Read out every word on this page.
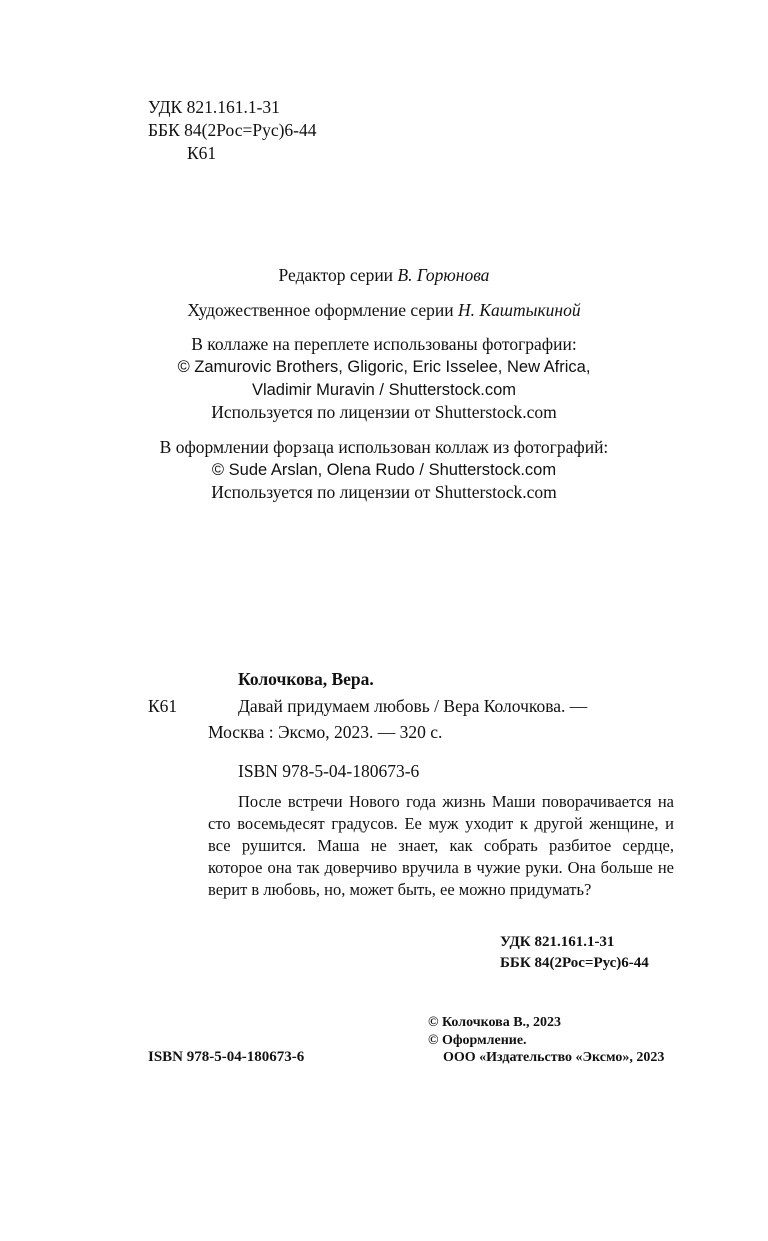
УДК 821.161.1-31
ББК 84(2Рос=Рус)6-44
К61
Редактор серии В. Горюнова
Художественное оформление серии Н. Каштыкиной
В коллаже на переплете использованы фотографии:
© Zamurovic Brothers, Gligoric, Eric Isselee, New Africa,
Vladimir Muravin / Shutterstock.com
Используется по лицензии от Shutterstock.com
В оформлении форзаца использован коллаж из фотографий:
© Sude Arslan, Olena Rudo / Shutterstock.com
Используется по лицензии от Shutterstock.com
Колочкова, Вера.
К61	Давай придумаем любовь / Вера Колочкова. —
Москва : Эксмо, 2023. — 320 с.
ISBN 978-5-04-180673-6
После встречи Нового года жизнь Маши поворачивается на сто восемьдесят градусов. Ее муж уходит к другой женщине, и все рушится. Маша не знает, как собрать разбитое сердце, которое она так доверчиво вручила в чужие руки. Она больше не верит в любовь, но, может быть, ее можно придумать?
УДК 821.161.1-31
ББК 84(2Рос=Рус)6-44
© Колочкова В., 2023
© Оформление.
ISBN 978-5-04-180673-6	ООО «Издательство «Эксмо», 2023
